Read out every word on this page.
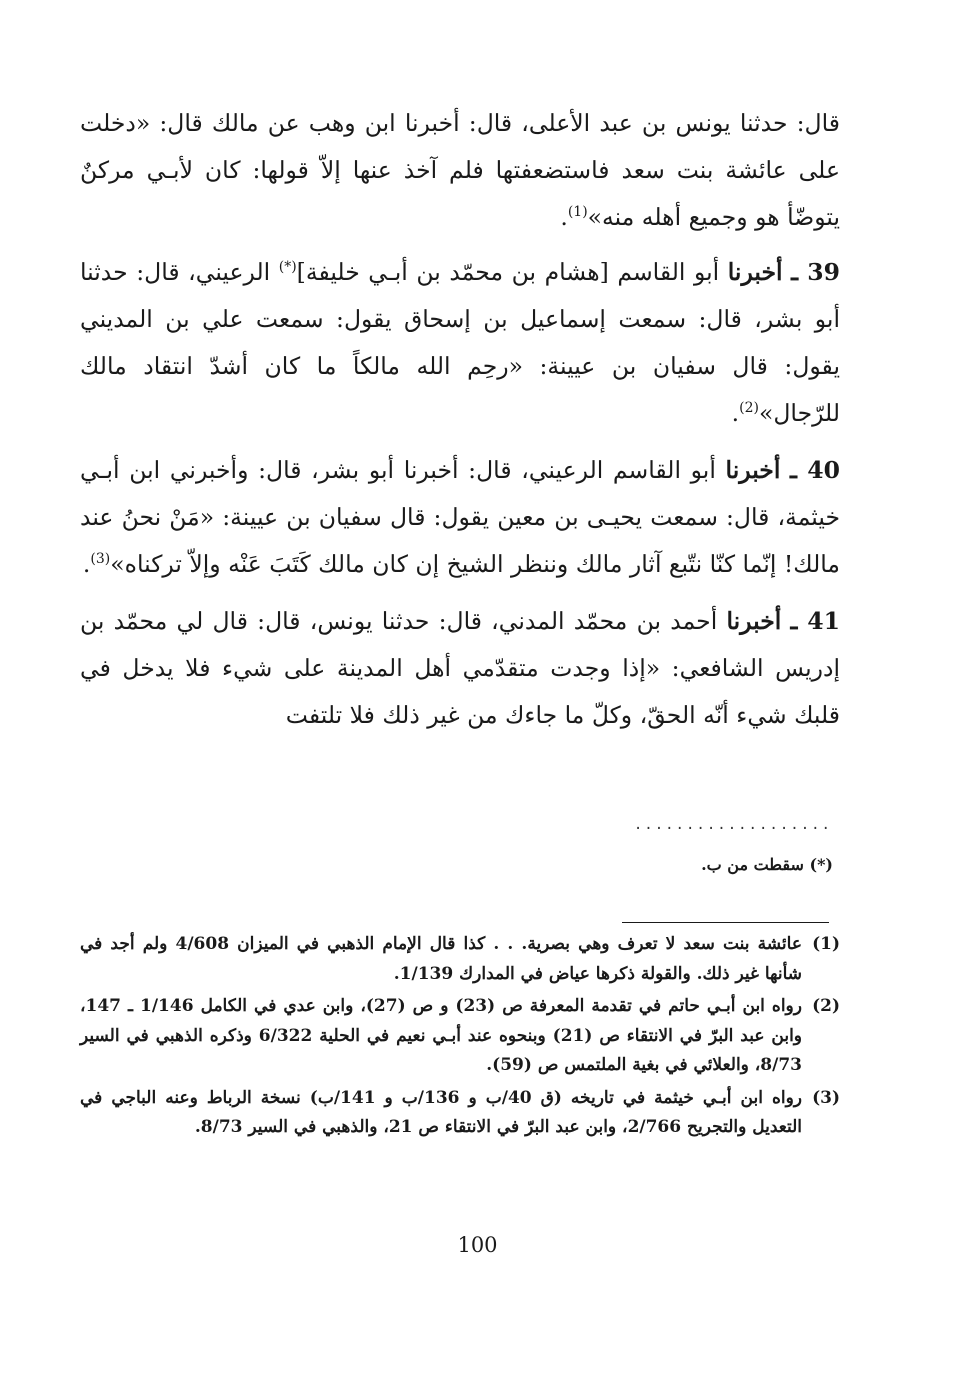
قال: حدثنا يونس بن عبد الأعلى، قال: أخبرنا ابن وهب عن مالك قال: «دخلت على عائشة بنت سعد فاستضعفتها فلم آخذ عنها إلاّ قولها: كان لأبـي مركنٌ يتوضّأ هو وجميع أهله منه»$^{(1)}$.

39 ـ أخبرنا أبو القاسم [هشام بن محمّد بن أبـي خليفة](*) الرعيني، قال: حدثنا أبو بشر، قال: سمعت إسماعيل بن إسحاق يقول: سمعت علي بن المديني يقول: قال سفيان بن عيينة: «رحِم الله مالكاً ما كان أشدّ انتقاد مالك للرّجال»$^{(2)}$.

40 ـ أخبرنا أبو القاسم الرعيني، قال: أخبرنا أبو بشر، قال: وأخبرني ابن أبـي خيثمة، قال: سمعت يحيـى بن معين يقول: قال سفيان بن عيينة: «مَنْ نحنُ عند مالك! إنّما كنّا نتّبع آثار مالك وننظر الشيخ إن كان مالك كَتَبَ عَنْه وإلاّ تركناه»$^{(3)}$.

41 ـ أخبرنا أحمد بن محمّد المدني، قال: حدثنا يونس، قال: قال لي محمّد بن إدريس الشافعي: «إذا وجدت متقدّمي أهل المدينة على شيء فلا يدخل في قلبك شيء أنّه الحقّ، وكلّ ما جاءك من غير ذلك فلا تلتفت

...................
(*) سقطت من ب.
(1)
عائشة بنت سعد لا تعرف وهي بصرية. . . كذا قال الإمام الذهبي في الميزان 4/608 ولم أجد في شأنها غير ذلك. والقولة ذكرها عياض في المدارك 1/139.
(2)
رواه ابن أبـي حاتم في تقدمة المعرفة ص (23) و ص (27)، وابن عدي في الكامل 1/146 ـ 147، وابن عبد البرّ في الانتقاء ص (21) وبنحوه عند أبـي نعيم في الحلية 6/322 وذكره الذهبي في السير 8/73، والعلائي في بغية الملتمس ص (59).
(3)
رواه ابن أبـي خيثمة في تاريخه (ق 40/ب و 136/ب و 141/ب) نسخة الرباط وعنه الباجي في التعديل والتجريح 2/766، وابن عبد البرّ في الانتقاء ص 21، والذهبي في السير 8/73.
100
